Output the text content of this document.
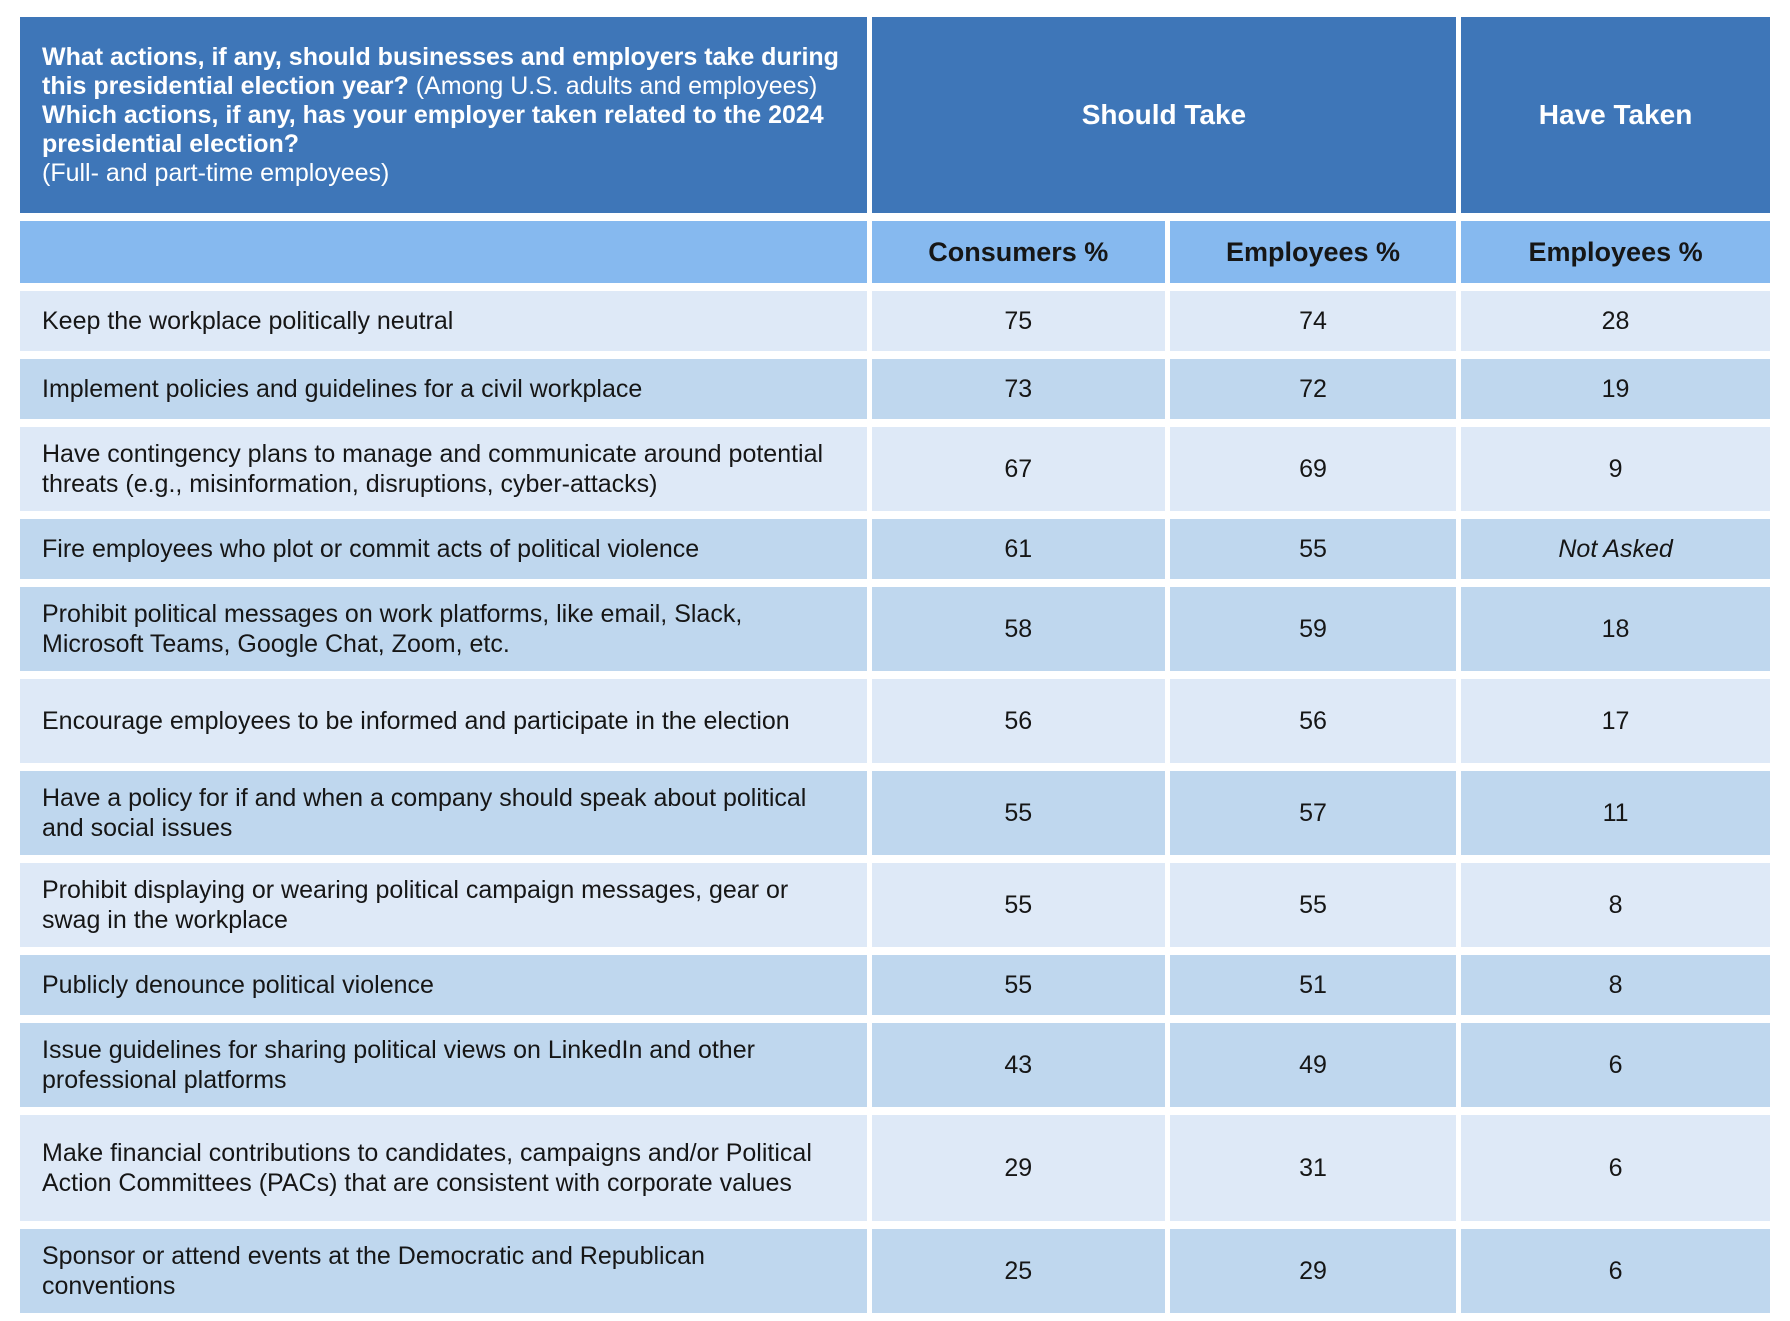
What actions, if any, should businesses and employers take during this presidential election year? (Among U.S. adults and employees)
Which actions, if any, has your employer taken related to the 2024 presidential election?
(Full- and part-time employees)	Should Take		Have Taken
	Consumers %	Employees %	Employees %
Keep the workplace politically neutral	75	74	28
Implement policies and guidelines for a civil workplace	73	72	19
Have contingency plans to manage and communicate around potential threats (e.g., misinformation, disruptions, cyber-attacks)	67	69	9
Fire employees who plot or commit acts of political violence	61	55	Not Asked
Prohibit political messages on work platforms, like email, Slack, Microsoft Teams, Google Chat, Zoom, etc.	58	59	18
Encourage employees to be informed and participate in the election	56	56	17
Have a policy for if and when a company should speak about political and social issues	55	57	11
Prohibit displaying or wearing political campaign messages, gear or swag in the workplace	55	55	8
Publicly denounce political violence	55	51	8
Issue guidelines for sharing political views on LinkedIn and other professional platforms	43	49	6
Make financial contributions to candidates, campaigns and/or Political Action Committees (PACs) that are consistent with corporate values	29	31	6
Sponsor or attend events at the Democratic and Republican conventions	25	29	6
